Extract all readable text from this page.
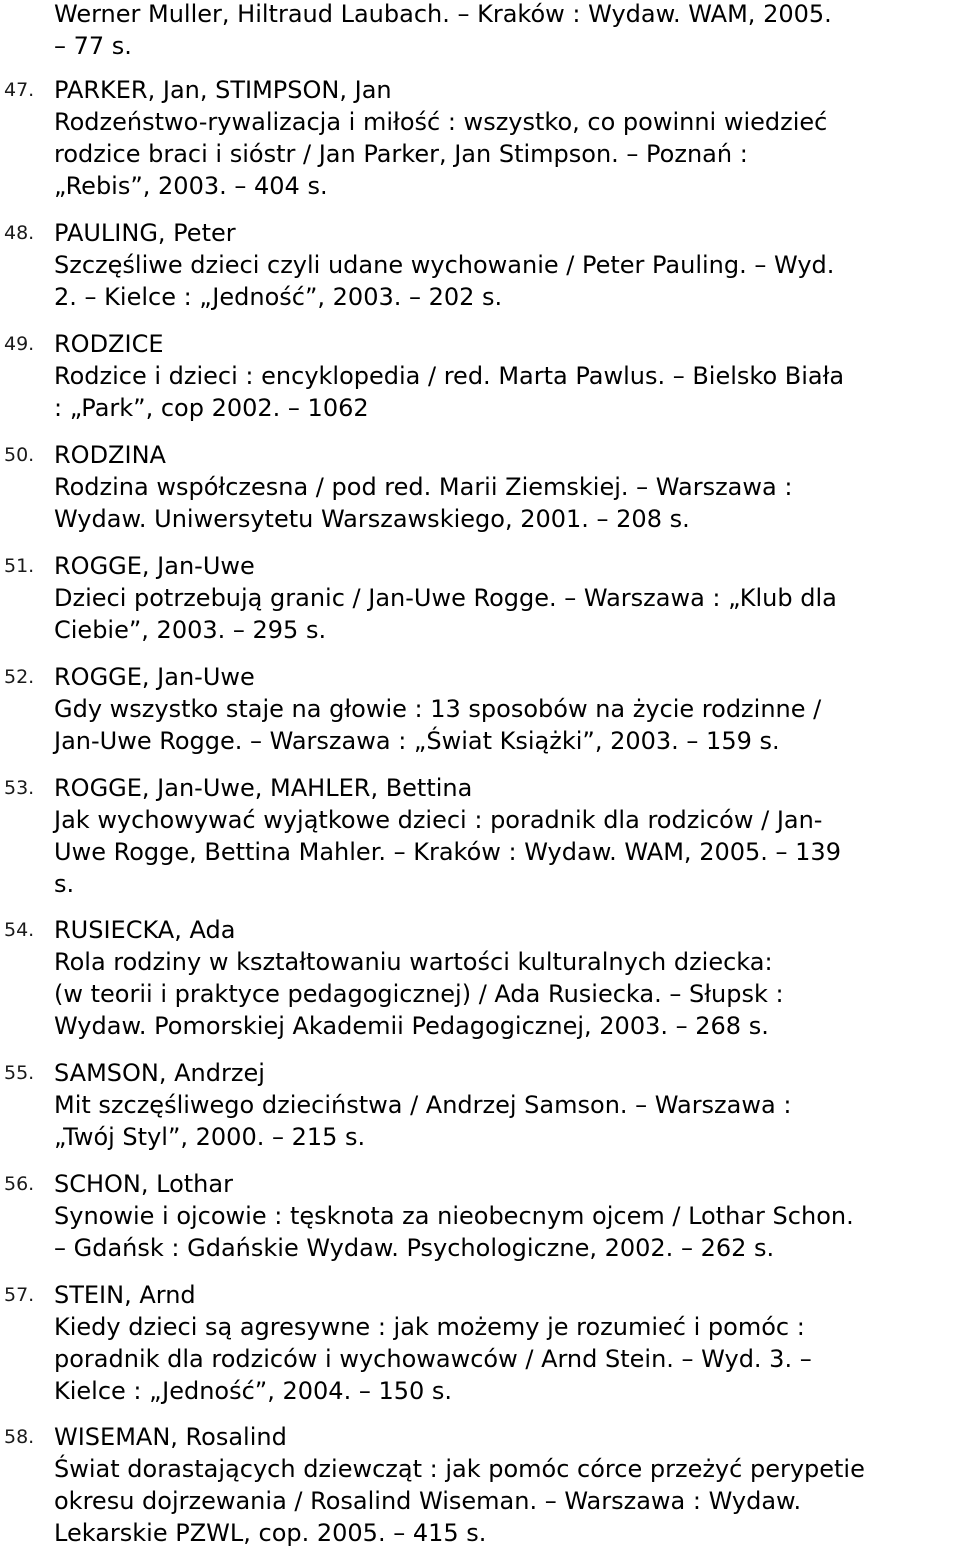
Werner Muller, Hiltraud Laubach. – Kraków : Wydaw. WAM, 2005.
– 77 s.
47. PARKER, Jan, STIMPSON, Jan
Rodzeństwo-rywalizacja i miłość : wszystko, co powinni wiedzieć
rodzice braci i sióstr / Jan Parker, Jan Stimpson. – Poznań :
„Rebis”, 2003. – 404 s.
48. PAULING, Peter
Szczęśliwe dzieci czyli udane wychowanie / Peter Pauling. – Wyd.
2. – Kielce : „Jedność”, 2003. – 202 s.
49. RODZICE
Rodzice i dzieci : encyklopedia / red. Marta Pawlus. – Bielsko Biała
: „Park”, cop 2002. – 1062
50. RODZINA
Rodzina współczesna / pod red. Marii Ziemskiej. – Warszawa :
Wydaw. Uniwersytetu Warszawskiego, 2001. – 208 s.
51. ROGGE, Jan-Uwe
Dzieci potrzebują granic / Jan-Uwe Rogge. – Warszawa : „Klub dla
Ciebie”, 2003. – 295 s.
52. ROGGE, Jan-Uwe
Gdy wszystko staje na głowie : 13 sposobów na życie rodzinne /
Jan-Uwe Rogge. – Warszawa : „Świat Książki”, 2003. – 159 s.
53. ROGGE, Jan-Uwe, MAHLER, Bettina
Jak wychowywać wyjątkowe dzieci : poradnik dla rodziców / Jan-
Uwe Rogge, Bettina Mahler. – Kraków : Wydaw. WAM, 2005. – 139
s.
54. RUSIECKA, Ada
Rola rodziny w kształtowaniu wartości kulturalnych dziecka:
(w teorii i praktyce pedagogicznej) / Ada Rusiecka. – Słupsk :
Wydaw. Pomorskiej Akademii Pedagogicznej, 2003. – 268 s.
55. SAMSON, Andrzej
Mit szczęśliwego dzieciństwa / Andrzej Samson. – Warszawa :
„Twój Styl”, 2000. – 215 s.
56. SCHON, Lothar
Synowie i ojcowie : tęsknota za nieobecnym ojcem / Lothar Schon.
– Gdańsk : Gdańskie Wydaw. Psychologiczne, 2002. – 262 s.
57. STEIN, Arnd
Kiedy dzieci są agresywne : jak możemy je rozumieć i pomóc :
poradnik dla rodziców i wychowawców / Arnd Stein. – Wyd. 3. –
Kielce : „Jedność”, 2004. – 150 s.
58. WISEMAN, Rosalind
Świat dorastających dziewcząt : jak pomóc córce przeżyć perypetie
okresu dojrzewania / Rosalind Wiseman. – Warszawa : Wydaw.
Lekarskie PZWL, cop. 2005. – 415 s.
